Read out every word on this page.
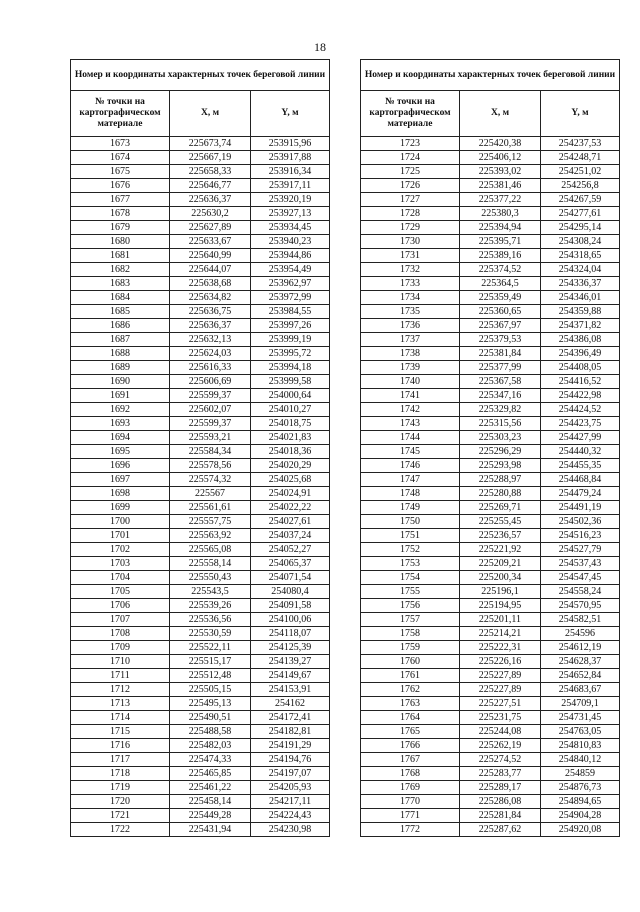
18
Номер и координаты характерных точек береговой линии		
№ точки на картографическом материале	X, м	Y, м
1673	225673,74	253915,96
1674	225667,19	253917,88
1675	225658,33	253916,34
1676	225646,77	253917,11
1677	225636,37	253920,19
1678	225630,2	253927,13
1679	225627,89	253934,45
1680	225633,67	253940,23
1681	225640,99	253944,86
1682	225644,07	253954,49
1683	225638,68	253962,97
1684	225634,82	253972,99
1685	225636,75	253984,55
1686	225636,37	253997,26
1687	225632,13	253999,19
1688	225624,03	253995,72
1689	225616,33	253994,18
1690	225606,69	253999,58
1691	225599,37	254000,64
1692	225602,07	254010,27
1693	225599,37	254018,75
1694	225593,21	254021,83
1695	225584,34	254018,36
1696	225578,56	254020,29
1697	225574,32	254025,68
1698	225567	254024,91
1699	225561,61	254022,22
1700	225557,75	254027,61
1701	225563,92	254037,24
1702	225565,08	254052,27
1703	225558,14	254065,37
1704	225550,43	254071,54
1705	225543,5	254080,4
1706	225539,26	254091,58
1707	225536,56	254100,06
1708	225530,59	254118,07
1709	225522,11	254125,39
1710	225515,17	254139,27
1711	225512,48	254149,67
1712	225505,15	254153,91
1713	225495,13	254162
1714	225490,51	254172,41
1715	225488,58	254182,81
1716	225482,03	254191,29
1717	225474,33	254194,76
1718	225465,85	254197,07
1719	225461,22	254205,93
1720	225458,14	254217,11
1721	225449,28	254224,43
1722	225431,94	254230,98
Номер и координаты характерных точек береговой линии		
№ точки на картографическом материале	X, м	Y, м
1723	225420,38	254237,53
1724	225406,12	254248,71
1725	225393,02	254251,02
1726	225381,46	254256,8
1727	225377,22	254267,59
1728	225380,3	254277,61
1729	225394,94	254295,14
1730	225395,71	254308,24
1731	225389,16	254318,65
1732	225374,52	254324,04
1733	225364,5	254336,37
1734	225359,49	254346,01
1735	225360,65	254359,88
1736	225367,97	254371,82
1737	225379,53	254386,08
1738	225381,84	254396,49
1739	225377,99	254408,05
1740	225367,58	254416,52
1741	225347,16	254422,98
1742	225329,82	254424,52
1743	225315,56	254423,75
1744	225303,23	254427,99
1745	225296,29	254440,32
1746	225293,98	254455,35
1747	225288,97	254468,84
1748	225280,88	254479,24
1749	225269,71	254491,19
1750	225255,45	254502,36
1751	225236,57	254516,23
1752	225221,92	254527,79
1753	225209,21	254537,43
1754	225200,34	254547,45
1755	225196,1	254558,24
1756	225194,95	254570,95
1757	225201,11	254582,51
1758	225214,21	254596
1759	225222,31	254612,19
1760	225226,16	254628,37
1761	225227,89	254652,84
1762	225227,89	254683,67
1763	225227,51	254709,1
1764	225231,75	254731,45
1765	225244,08	254763,05
1766	225262,19	254810,83
1767	225274,52	254840,12
1768	225283,77	254859
1769	225289,17	254876,73
1770	225286,08	254894,65
1771	225281,84	254904,28
1772	225287,62	254920,08
